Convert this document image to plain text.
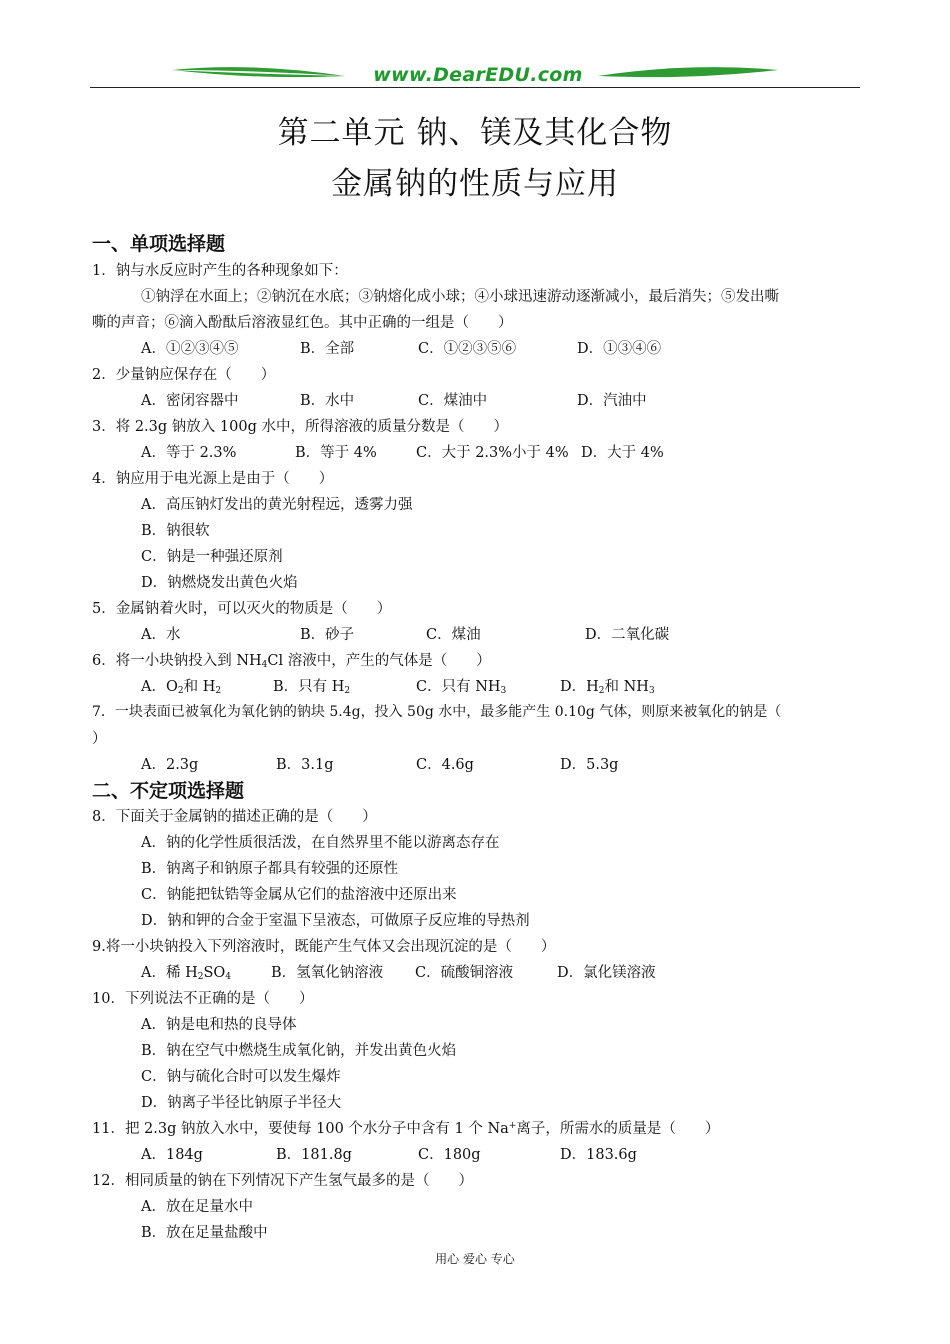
www.DearEDU.com
第二单元 钠、镁及其化合物
金属钠的性质与应用
一、单项选择题
1．钠与水反应时产生的各种现象如下：
①钠浮在水面上；②钠沉在水底；③钠熔化成小球；④小球迅速游动逐渐减小，最后消失；⑤发出嘶
嘶的声音；⑥滴入酚酞后溶液显红色。其中正确的一组是（　　）
A．①②③④⑤	B．全部	C．①②③⑤⑥	D．①③④⑥
2．少量钠应保存在（　　）
A．密闭容器中	B．水中	C．煤油中	D．汽油中
3．将 2.3g 钠放入 100g 水中，所得溶液的质量分数是（　　）
A．等于 2.3%	B．等于 4%	C．大于 2.3%小于 4% D．大于 4%
4．钠应用于电光源上是由于（　　）
A．高压钠灯发出的黄光射程远，透雾力强
B．钠很软
C．钠是一种强还原剂
D．钠燃烧发出黄色火焰
5．金属钠着火时，可以灭火的物质是（　　）
A．水	B．砂子	C．煤油	D．二氧化碳
6．将一小块钠投入到 $NH_4Cl$ 溶液中，产生的气体是（　　）
A．$O_2$和 $H_2$	B．只有 $H_2$	C．只有 $NH_3$	D．$H_2$和 $NH_3$
7．一块表面已被氧化为氧化钠的钠块 5.4g，投入 50g 水中，最多能产生 0.10g 气体，则原来被氧化的钠是（
）
A．2.3g	B．3.1g	C．4.6g	D．5.3g
二、不定项选择题
8．下面关于金属钠的描述正确的是（　　）
A．钠的化学性质很活泼，在自然界里不能以游离态存在
B．钠离子和钠原子都具有较强的还原性
C．钠能把钛锆等金属从它们的盐溶液中还原出来
D．钠和钾的合金于室温下呈液态，可做原子反应堆的导热剂
9.将一小块钠投入下列溶液时，既能产生气体又会出现沉淀的是（　　）
A．稀 $H_2SO_4$	B．氢氧化钠溶液 C．硫酸铜溶液	D．氯化镁溶液
10．下列说法不正确的是（　　）
A．钠是电和热的良导体
B．钠在空气中燃烧生成氧化钠，并发出黄色火焰
C．钠与硫化合时可以发生爆炸
D．钠离子半径比钠原子半径大
11．把 2.3g 钠放入水中，要使每 100 个水分子中含有 1 个 Na+离子，所需水的质量是（　　）
A．184g	B．181.8g	C．180g	D．183.6g
12．相同质量的钠在下列情况下产生氢气最多的是（　　）
A．放在足量水中
B．放在足量盐酸中
用心 爱心 专心
